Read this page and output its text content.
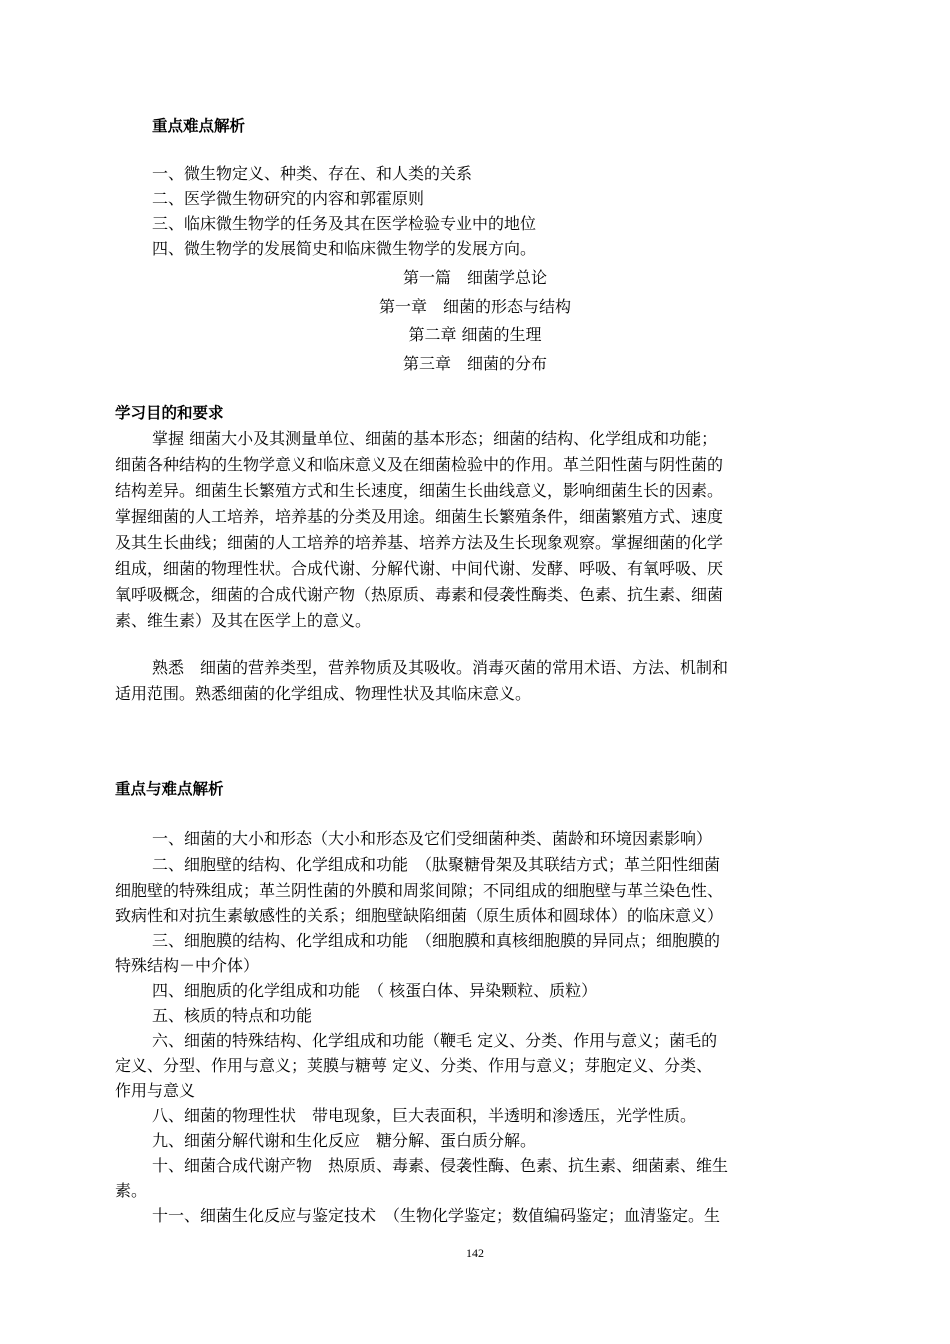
重点难点解析
一、微生物定义、种类、存在、和人类的关系
二、医学微生物研究的内容和郭霍原则
三、临床微生物学的任务及其在医学检验专业中的地位
四、微生物学的发展简史和临床微生物学的发展方向。
第一篇　细菌学总论
第一章　细菌的形态与结构
第二章 细菌的生理
第三章　细菌的分布
学习目的和要求
掌握 细菌大小及其测量单位、细菌的基本形态；细菌的结构、化学组成和功能；
细菌各种结构的生物学意义和临床意义及在细菌检验中的作用。革兰阳性菌与阴性菌的
结构差异。细菌生长繁殖方式和生长速度，细菌生长曲线意义，影响细菌生长的因素。
掌握细菌的人工培养，培养基的分类及用途。细菌生长繁殖条件，细菌繁殖方式、速度
及其生长曲线；细菌的人工培养的培养基、培养方法及生长现象观察。掌握细菌的化学
组成，细菌的物理性状。合成代谢、分解代谢、中间代谢、发酵、呼吸、有氧呼吸、厌
氧呼吸概念，细菌的合成代谢产物（热原质、毒素和侵袭性酶类、色素、抗生素、细菌
素、维生素）及其在医学上的意义。
熟悉　细菌的营养类型，营养物质及其吸收。消毒灭菌的常用术语、方法、机制和
适用范围。熟悉细菌的化学组成、物理性状及其临床意义。
重点与难点解析
一、细菌的大小和形态（大小和形态及它们受细菌种类、菌龄和环境因素影响）
二、细胞壁的结构、化学组成和功能　（肽聚糖骨架及其联结方式；革兰阳性细菌
细胞壁的特殊组成；革兰阴性菌的外膜和周浆间隙；不同组成的细胞壁与革兰染色性、
致病性和对抗生素敏感性的关系；细胞壁缺陷细菌（原生质体和圆球体）的临床意义）
三、细胞膜的结构、化学组成和功能　（细胞膜和真核细胞膜的异同点；细胞膜的
特殊结构－中介体）
四、细胞质的化学组成和功能　（ 核蛋白体、异染颗粒、质粒）
五、核质的特点和功能
六、细菌的特殊结构、化学组成和功能（鞭毛 定义、分类、作用与意义；菌毛的
定义、分型、作用与意义；荚膜与糖萼 定义、分类、作用与意义；芽胞定义、分类、
作用与意义
八、细菌的物理性状　带电现象，巨大表面积，半透明和渗透压，光学性质。
九、细菌分解代谢和生化反应　糖分解、蛋白质分解。
十、细菌合成代谢产物　热原质、毒素、侵袭性酶、色素、抗生素、细菌素、维生
素。
十一、细菌生化反应与鉴定技术　（生物化学鉴定；数值编码鉴定；血清鉴定。生
142
